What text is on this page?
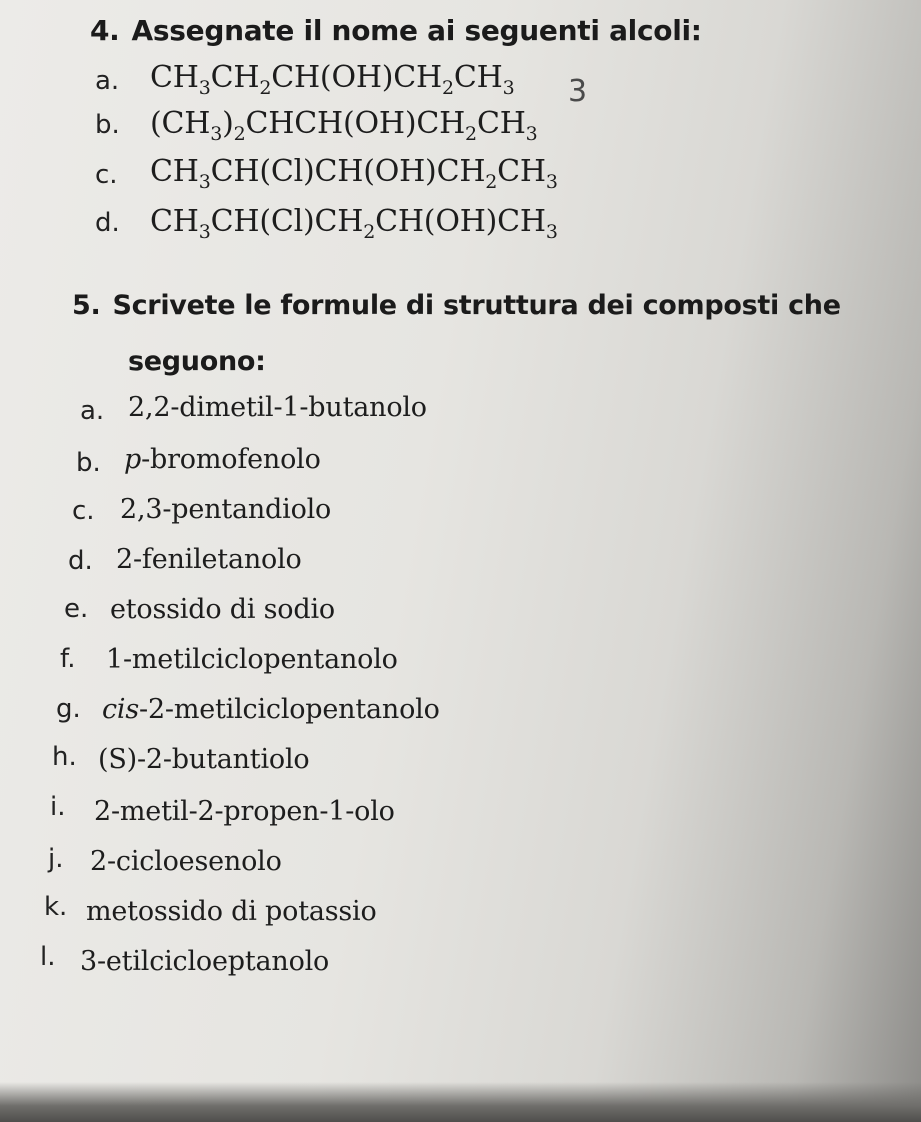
4. Assegnate il nome ai seguenti alcoli:
a. $CH_3CH_2CH(OH)CH_2CH_3$ 3
b. $(CH_3)_2CHCH(OH)CH_2CH_3$
c. $CH_3CH(Cl)CH(OH)CH_2CH_3$
d. $CH_3CH(Cl)CH_2CH(OH)CH_3$
5. Scrivete le formule di struttura dei composti che
seguono:
a. 2,2-dimetil-1-butanolo
b. p-bromofenolo
c. 2,3-pentandiolo
d. 2-feniletanolo
e. etossido di sodio
f. 1-metilciclopentanolo
g. cis-2-metilciclopentanolo
h. (S)-2-butantiolo
i. 2-metil-2-propen-1-olo
j. 2-cicloesenolo
k. metossido di potassio
l. 3-etilcicloeptanolo
